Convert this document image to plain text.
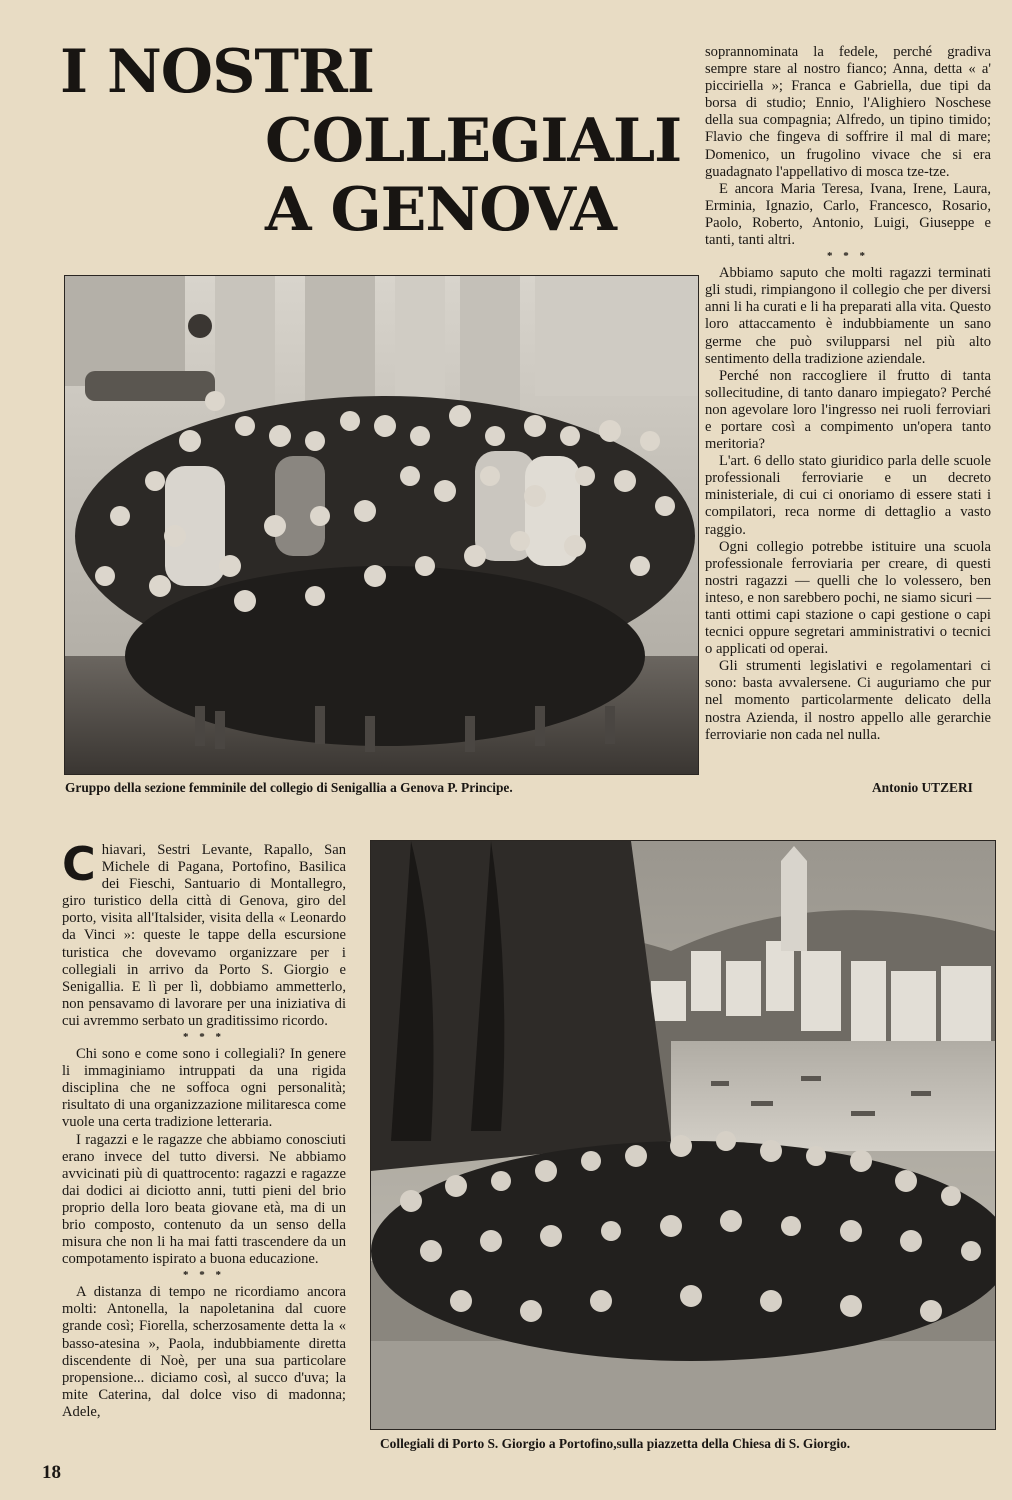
I NOSTRI
COLLEGIALI
A GENOVA

soprannominata la fedele, perché gradiva sempre stare al nostro fianco; Anna, detta « a' picciriella »; Franca e Gabriella, due tipi da borsa di studio; Ennio, l'Alighiero Noschese della sua compagnia; Alfredo, un tipino timido; Flavio che fingeva di soffrire il mal di mare; Domenico, un frugolino vivace che si era guadagnato l'appellativo di mosca tze-tze.

E ancora Maria Teresa, Ivana, Irene, Laura, Erminia, Ignazio, Carlo, Francesco, Rosario, Paolo, Roberto, Antonio, Luigi, Giuseppe e tanti, tanti altri.

* * *

Abbiamo saputo che molti ragazzi terminati gli studi, rimpiangono il collegio che per diversi anni li ha curati e li ha preparati alla vita. Questo loro attaccamento è indubbiamente un sano germe che può svilupparsi nel più alto sentimento della tradizione aziendale.

Perché non raccogliere il frutto di tanta sollecitudine, di tanto danaro impiegato? Perché non agevolare loro l'ingresso nei ruoli ferroviari e portare così a compimento un'opera tanto meritoria?

L'art. 6 dello stato giuridico parla delle scuole professionali ferroviarie e un decreto ministeriale, di cui ci onoriamo di essere stati i compilatori, reca norme di dettaglio a vasto raggio.

Ogni collegio potrebbe istituire una scuola professionale ferroviaria per creare, di questi nostri ragazzi — quelli che lo volessero, ben inteso, e non sarebbero pochi, ne siamo sicuri — tanti ottimi capi stazione o capi gestione o capi tecnici oppure segretari amministrativi o tecnici o applicati od operai.

Gli strumenti legislativi e regolamentari ci sono: basta avvalersene. Ci auguriamo che pur nel momento particolarmente delicato della nostra Azienda, il nostro appello alle gerarchie ferroviarie non cada nel nulla.

Antonio UTZERI
Gruppo della sezione femminile del collegio di Senigallia a Genova P. Principe.

Chiavari, Sestri Levante, Rapallo, San Michele di Pagana, Portofino, Basilica dei Fieschi, Santuario di Montallegro, giro turistico della città di Genova, giro del porto, visita all'Italsider, visita della « Leonardo da Vinci »: queste le tappe della escursione turistica che dovevamo organizzare per i collegiali in arrivo da Porto S. Giorgio e Senigallia. E lì per lì, dobbiamo ammetterlo, non pensavamo di lavorare per una iniziativa di cui avremmo serbato un graditissimo ricordo.

* * *

Chi sono e come sono i collegiali? In genere li immaginiamo intruppati da una rigida disciplina che ne soffoca ogni personalità; risultato di una organizzazione militaresca come vuole una certa tradizione letteraria.

I ragazzi e le ragazze che abbiamo conosciuti erano invece del tutto diversi. Ne abbiamo avvicinati più di quattrocento: ragazzi e ragazze dai dodici ai diciotto anni, tutti pieni del brio proprio della loro beata giovane età, ma di un brio composto, contenuto da un senso della misura che non li ha mai fatti trascendere da un compotamento ispirato a buona educazione.

* * *

A distanza di tempo ne ricordiamo ancora molti: Antonella, la napoletanina dal cuore grande così; Fiorella, scherzosamente detta la « basso-atesina », Paola, indubbiamente diretta discendente di Noè, per una sua particolare propensione... diciamo così, al succo d'uva; la mite Caterina, dal dolce viso di madonna; Adele,

Collegiali di Porto S. Giorgio a Portofino,sulla piazzetta della Chiesa di S. Giorgio.
18
